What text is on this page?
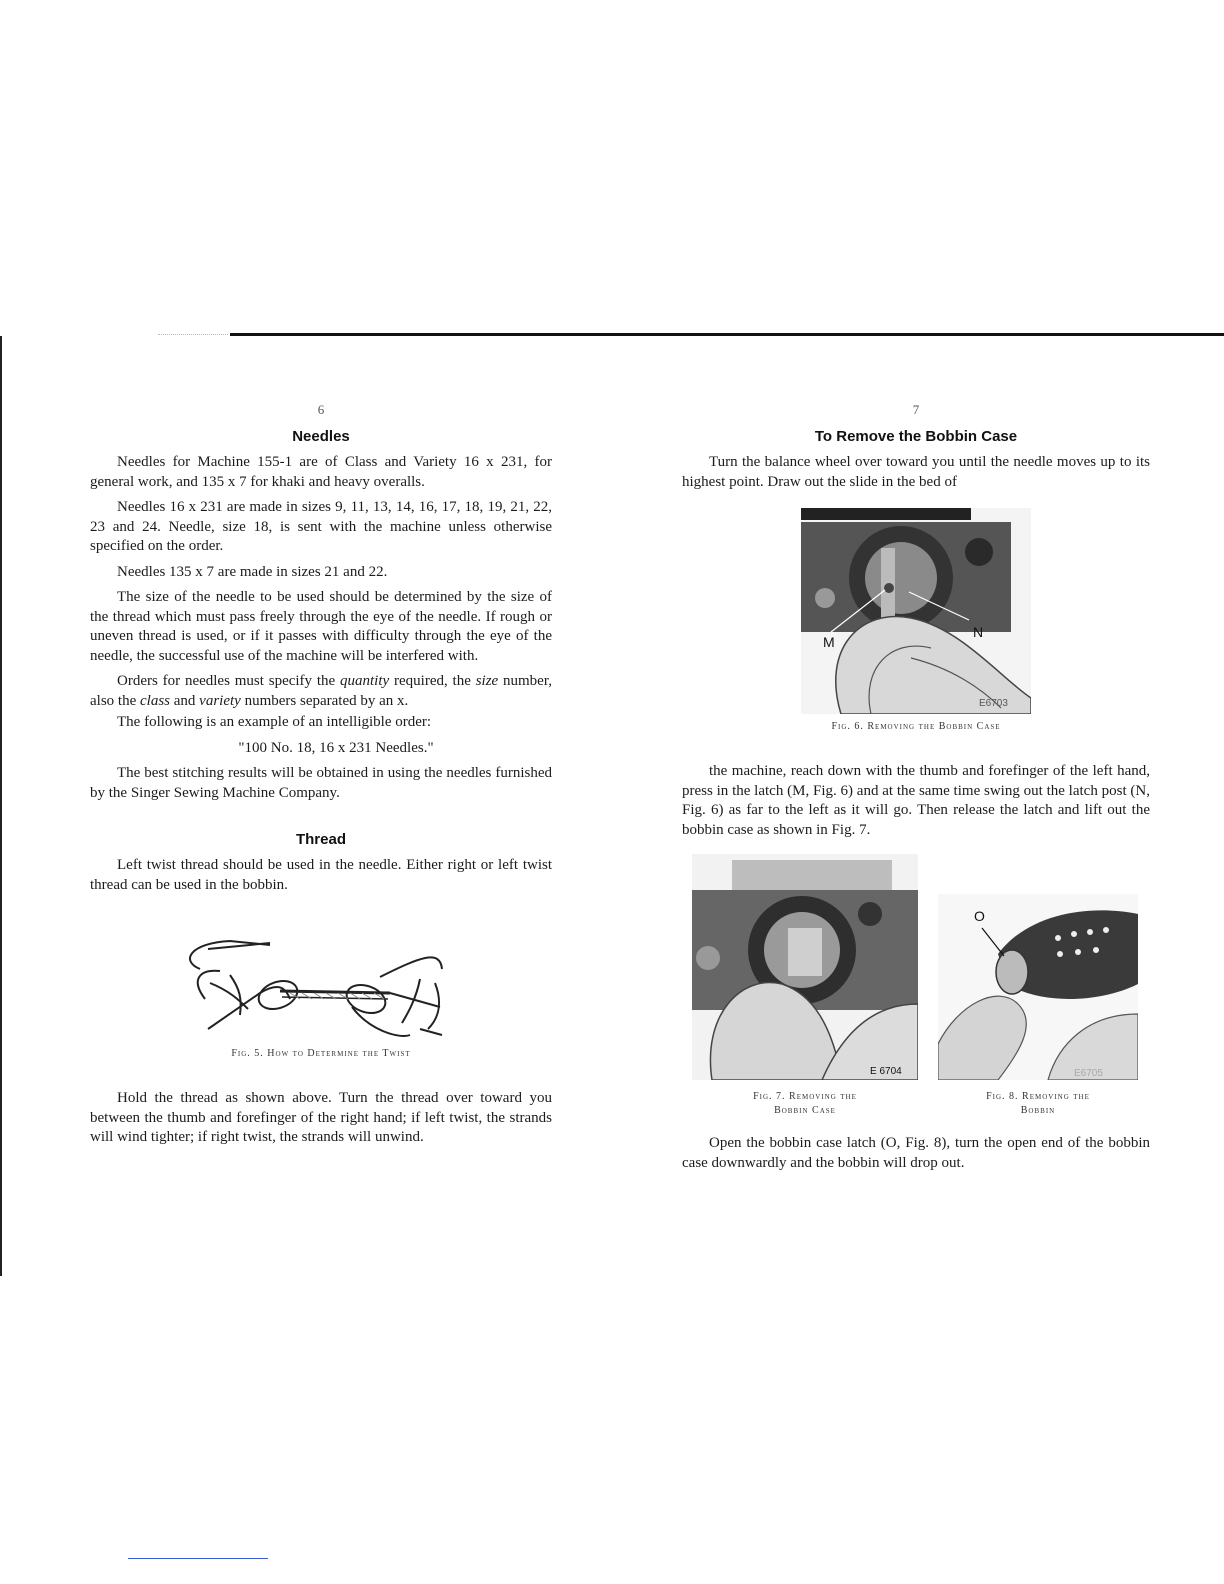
6
Needles

Needles for Machine 155-1 are of Class and Variety 16 x 231, for general work, and 135 x 7 for khaki and heavy overalls.

Needles 16 x 231 are made in sizes 9, 11, 13, 14, 16, 17, 18, 19, 21, 22, 23 and 24. Needle, size 18, is sent with the machine unless otherwise specified on the order.

Needles 135 x 7 are made in sizes 21 and 22.

The size of the needle to be used should be determined by the size of the thread which must pass freely through the eye of the needle. If rough or uneven thread is used, or if it passes with difficulty through the eye of the needle, the successful use of the machine will be interfered with.

Orders for needles must specify the quantity required, the size number, also the class and variety numbers separated by an x.

The following is an example of an intelligible order:

"100 No. 18, 16 x 231 Needles."

The best stitching results will be obtained in using the needles furnished by the Singer Sewing Machine Company.

Thread

Left twist thread should be used in the needle. Either right or left twist thread can be used in the bobbin.

Fig. 5. How to Determine the Twist

Hold the thread as shown above. Turn the thread over toward you between the thumb and forefinger of the right hand; if left twist, the strands will wind tighter; if right twist, the strands will unwind.

7
To Remove the Bobbin Case

Turn the balance wheel over toward you until the needle moves up to its highest point. Draw out the slide in the bed of

M
N
E6703
Fig. 6. Removing the Bobbin Case

the machine, reach down with the thumb and forefinger of the left hand, press in the latch (M, Fig. 6) and at the same time swing out the latch post (N, Fig. 6) as far to the left as it will go. Then release the latch and lift out the bobbin case as shown in Fig. 7.

E 6704
Fig. 7. Removing the
Bobbin Case
O
E6705
Fig. 8. Removing the
Bobbin

Open the bobbin case latch (O, Fig. 8), turn the open end of the bobbin case downwardly and the bobbin will drop out.
